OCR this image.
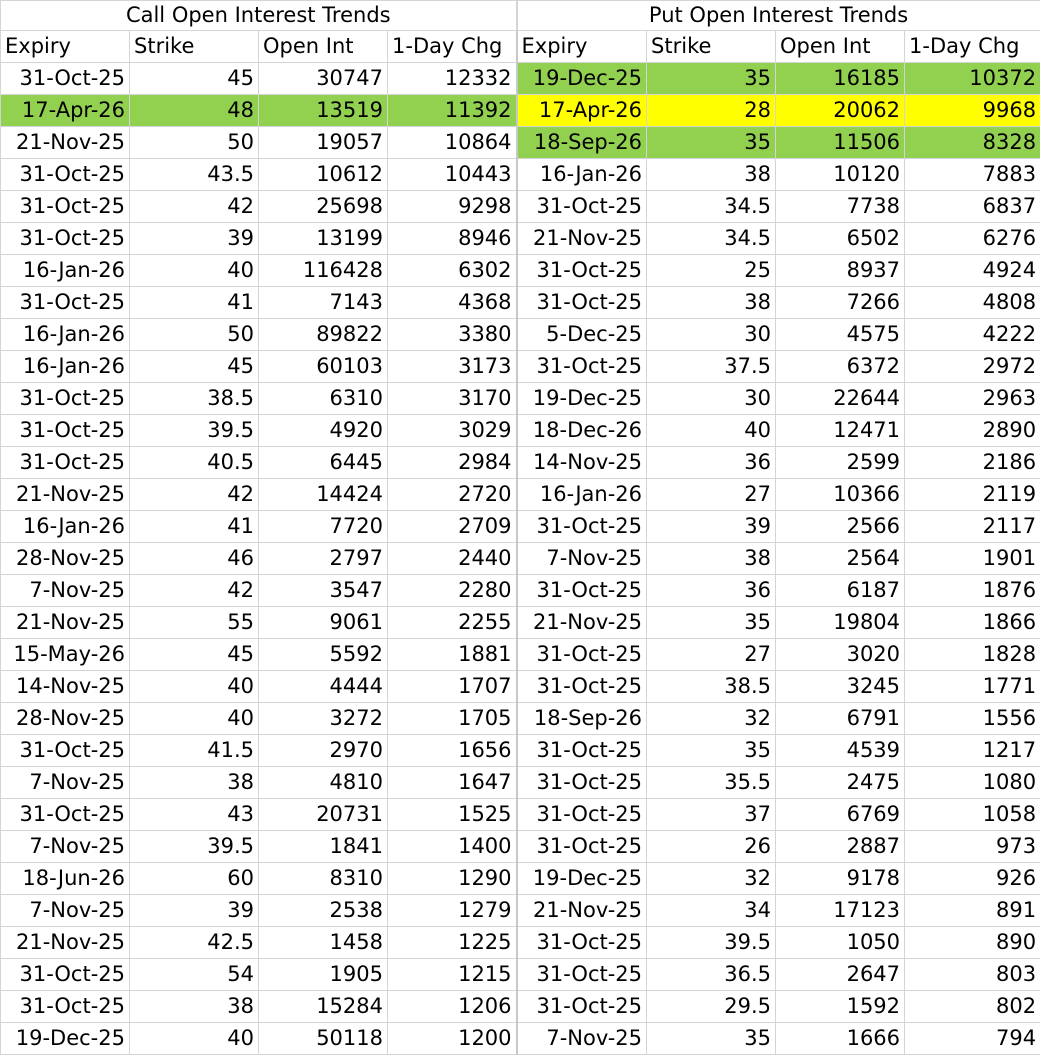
Call Open Interest Trends				Put Open Interest Trends			
Expiry	Strike	Open Int	1-Day Chg	Expiry	Strike	Open Int	1-Day Chg
31-Oct-25	45	30747	12332	19-Dec-25	35	16185	10372
17-Apr-26	48	13519	11392	17-Apr-26	28	20062	9968
21-Nov-25	50	19057	10864	18-Sep-26	35	11506	8328
31-Oct-25	43.5	10612	10443	16-Jan-26	38	10120	7883
31-Oct-25	42	25698	9298	31-Oct-25	34.5	7738	6837
31-Oct-25	39	13199	8946	21-Nov-25	34.5	6502	6276
16-Jan-26	40	116428	6302	31-Oct-25	25	8937	4924
31-Oct-25	41	7143	4368	31-Oct-25	38	7266	4808
16-Jan-26	50	89822	3380	5-Dec-25	30	4575	4222
16-Jan-26	45	60103	3173	31-Oct-25	37.5	6372	2972
31-Oct-25	38.5	6310	3170	19-Dec-25	30	22644	2963
31-Oct-25	39.5	4920	3029	18-Dec-26	40	12471	2890
31-Oct-25	40.5	6445	2984	14-Nov-25	36	2599	2186
21-Nov-25	42	14424	2720	16-Jan-26	27	10366	2119
16-Jan-26	41	7720	2709	31-Oct-25	39	2566	2117
28-Nov-25	46	2797	2440	7-Nov-25	38	2564	1901
7-Nov-25	42	3547	2280	31-Oct-25	36	6187	1876
21-Nov-25	55	9061	2255	21-Nov-25	35	19804	1866
15-May-26	45	5592	1881	31-Oct-25	27	3020	1828
14-Nov-25	40	4444	1707	31-Oct-25	38.5	3245	1771
28-Nov-25	40	3272	1705	18-Sep-26	32	6791	1556
31-Oct-25	41.5	2970	1656	31-Oct-25	35	4539	1217
7-Nov-25	38	4810	1647	31-Oct-25	35.5	2475	1080
31-Oct-25	43	20731	1525	31-Oct-25	37	6769	1058
7-Nov-25	39.5	1841	1400	31-Oct-25	26	2887	973
18-Jun-26	60	8310	1290	19-Dec-25	32	9178	926
7-Nov-25	39	2538	1279	21-Nov-25	34	17123	891
21-Nov-25	42.5	1458	1225	31-Oct-25	39.5	1050	890
31-Oct-25	54	1905	1215	31-Oct-25	36.5	2647	803
31-Oct-25	38	15284	1206	31-Oct-25	29.5	1592	802
19-Dec-25	40	50118	1200	7-Nov-25	35	1666	794
